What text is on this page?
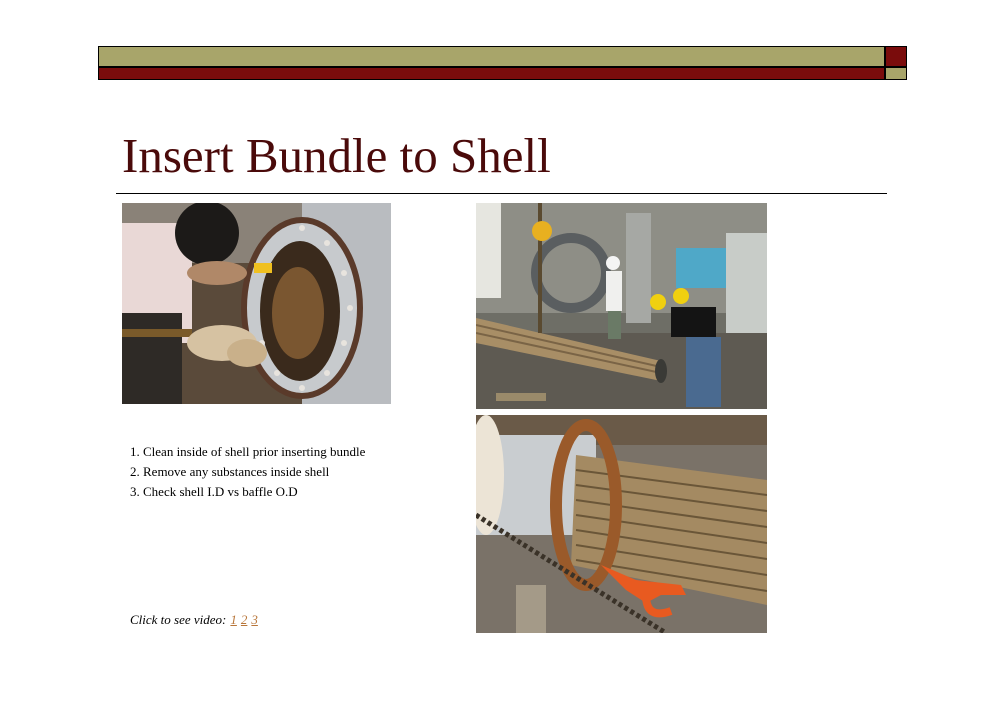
Insert Bundle to Shell
1. Clean inside of shell prior inserting bundle
2. Remove any substances inside shell
3. Check shell I.D vs baffle O.D
Click to see video: 1 2 3
